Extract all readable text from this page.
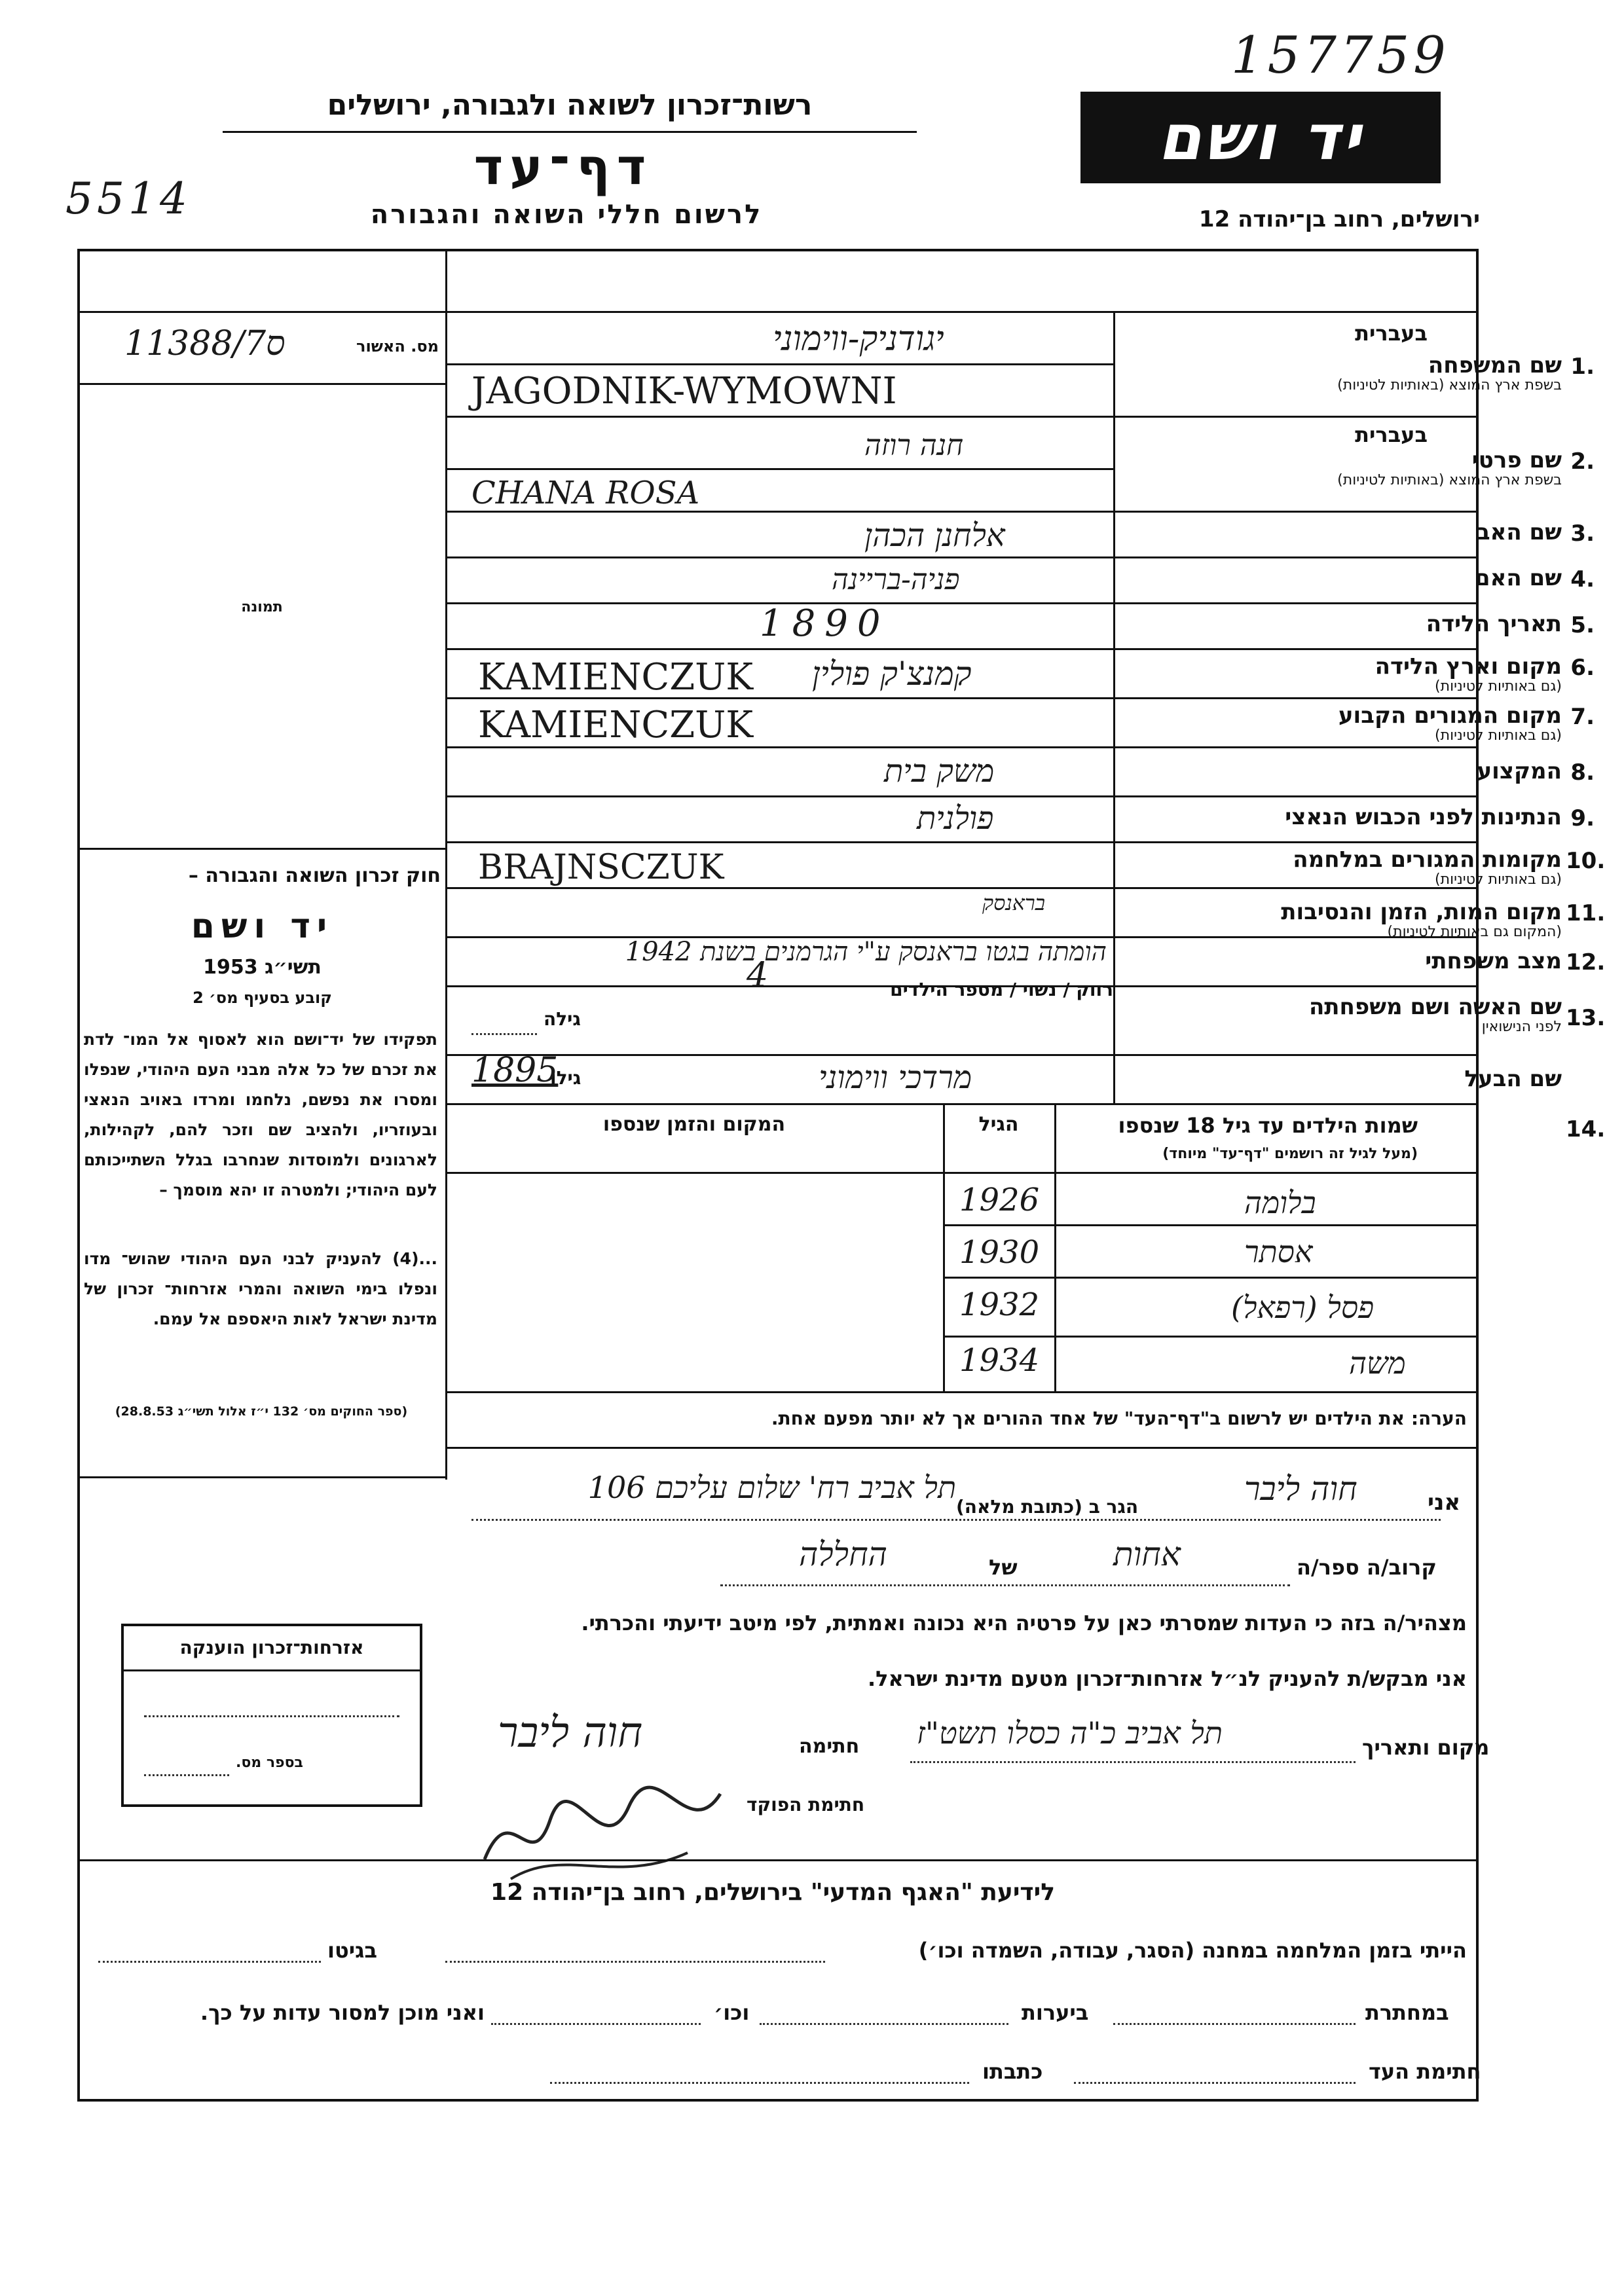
157759
5514
רשות־זכרון לשואה ולגבורה, ירושלים
דף־עד
לרשום חללי השואה והגבורה
יד ושם
ירושלים, רחוב בן־יהודה 12
מס. האשור
11388/7ס
תמונה
חוק זכרון השואה והגבורה –
יד ושם
תשי״ג 1953
קובע בסעיף מס׳ 2
תפקידו של יד־ושם הוא לאסוף אל המו־ לדת את זכרם של כל אלה מבני העם היהודי, שנפלו ומסרו את נפשם, נלחמו ומרדו באויב הנאצי ובעוזריו, ולהציב שם וזכר להם, לקהילות, לארגונים ולמוסדות שנחרבו בגלל השתייכותם לעם היהודי; ולמטרה זו יהא מוסמך –
...(4) להעניק לבני העם היהודי שהוש־ מדו ונפלו בימי השואה והמרי אזרחות־ זכרון של מדינת ישראל לאות היאספם אל עמם.
(ספר החוקים מס׳ 132 י״ז אלול תשי״ג 28.8.53)
בעברית
1.
שם המשפחה
בשפת ארץ המוצא (באותיות לטיניות)
יגודניק-ווימוני
JAGODNIK-WYMOWNI
בעברית
2.
שם פרטי
בשפת ארץ המוצא (באותיות לטיניות)
חנה רוזה
CHANA ROSA
3.
שם האב
אלחנן הכהן
4.
שם האם
פניה-בריינה
5.
תאריך הלידה
1890
6.
מקום וארץ הלידה
(גם באותיות לטיניות)
KAMIENCZUK קמנצ'ק פולין
7.
מקום המגורים הקבוע
(גם באותיות לטיניות)
KAMIENCZUK
8.
המקצוע
משק בית
9.
הנתינות לפני הכבוש הנאצי
פולנית
10.
מקומות המגורים במלחמה
(גם באותיות לטיניות)
BRAJNSCZUK
בראנסק	11.
מקום המות, הזמן והנסיבות
(המקום גם באותיות לטיניות)
הומתה בגטו בראנסק ע"י הגרמנים בשנת 1942	12.
מצב משפחתי
רווק / נשוי / מספר הילדים
4
13.
שם האשה ושם משפחתה
לפני הנישואין
גילה
שם הבעל
מרדכי ווימוני
גילו
1895
14.
שמות הילדים עד גיל 18 שנספו
(מעל לגיל זה רושמים "דף־עד" מיוחד)
הגיל
המקום והזמן שנספו
בלומה
1926
אסתר
1930
פסל (רפאל)
1932
משה
1934
הערה: את הילדים יש לרשום ב"דף־העד" של אחד ההורים אך לא יותר מפעם אחת.
אני
חוה ליבר
הגר ב (כתובת מלאה)
תל אביב רח' שלום עליכם 106
קרוב/ה ספר/ה
אחות
של
החללה
מצהיר/ה בזה כי העדות שמסרתי כאן על פרטיה היא נכונה ואמתית, לפי מיטב ידיעתי והכרתי.
אני מבקש/ת להעניק לנ״ל אזרחות־זכרון מטעם מדינת ישראל.
מקום ותאריך
תל אביב כ"ה כסלו תשט"ז
חתימה
חוה ליבר
חתימת הפוקד
אזרחות־זכרון הוענקה
בספר מס.
לידיעת "האגף המדעי" בירושלים, רחוב בן־יהודה 12
הייתי בזמן המלחמה במחנה (הסגר, עבודה, השמדה וכו׳)
בגיטו
במחתרת
ביערות
וכו׳
ואני מוכן למסור עדות על כך.
חתימת העד
כתבתו
